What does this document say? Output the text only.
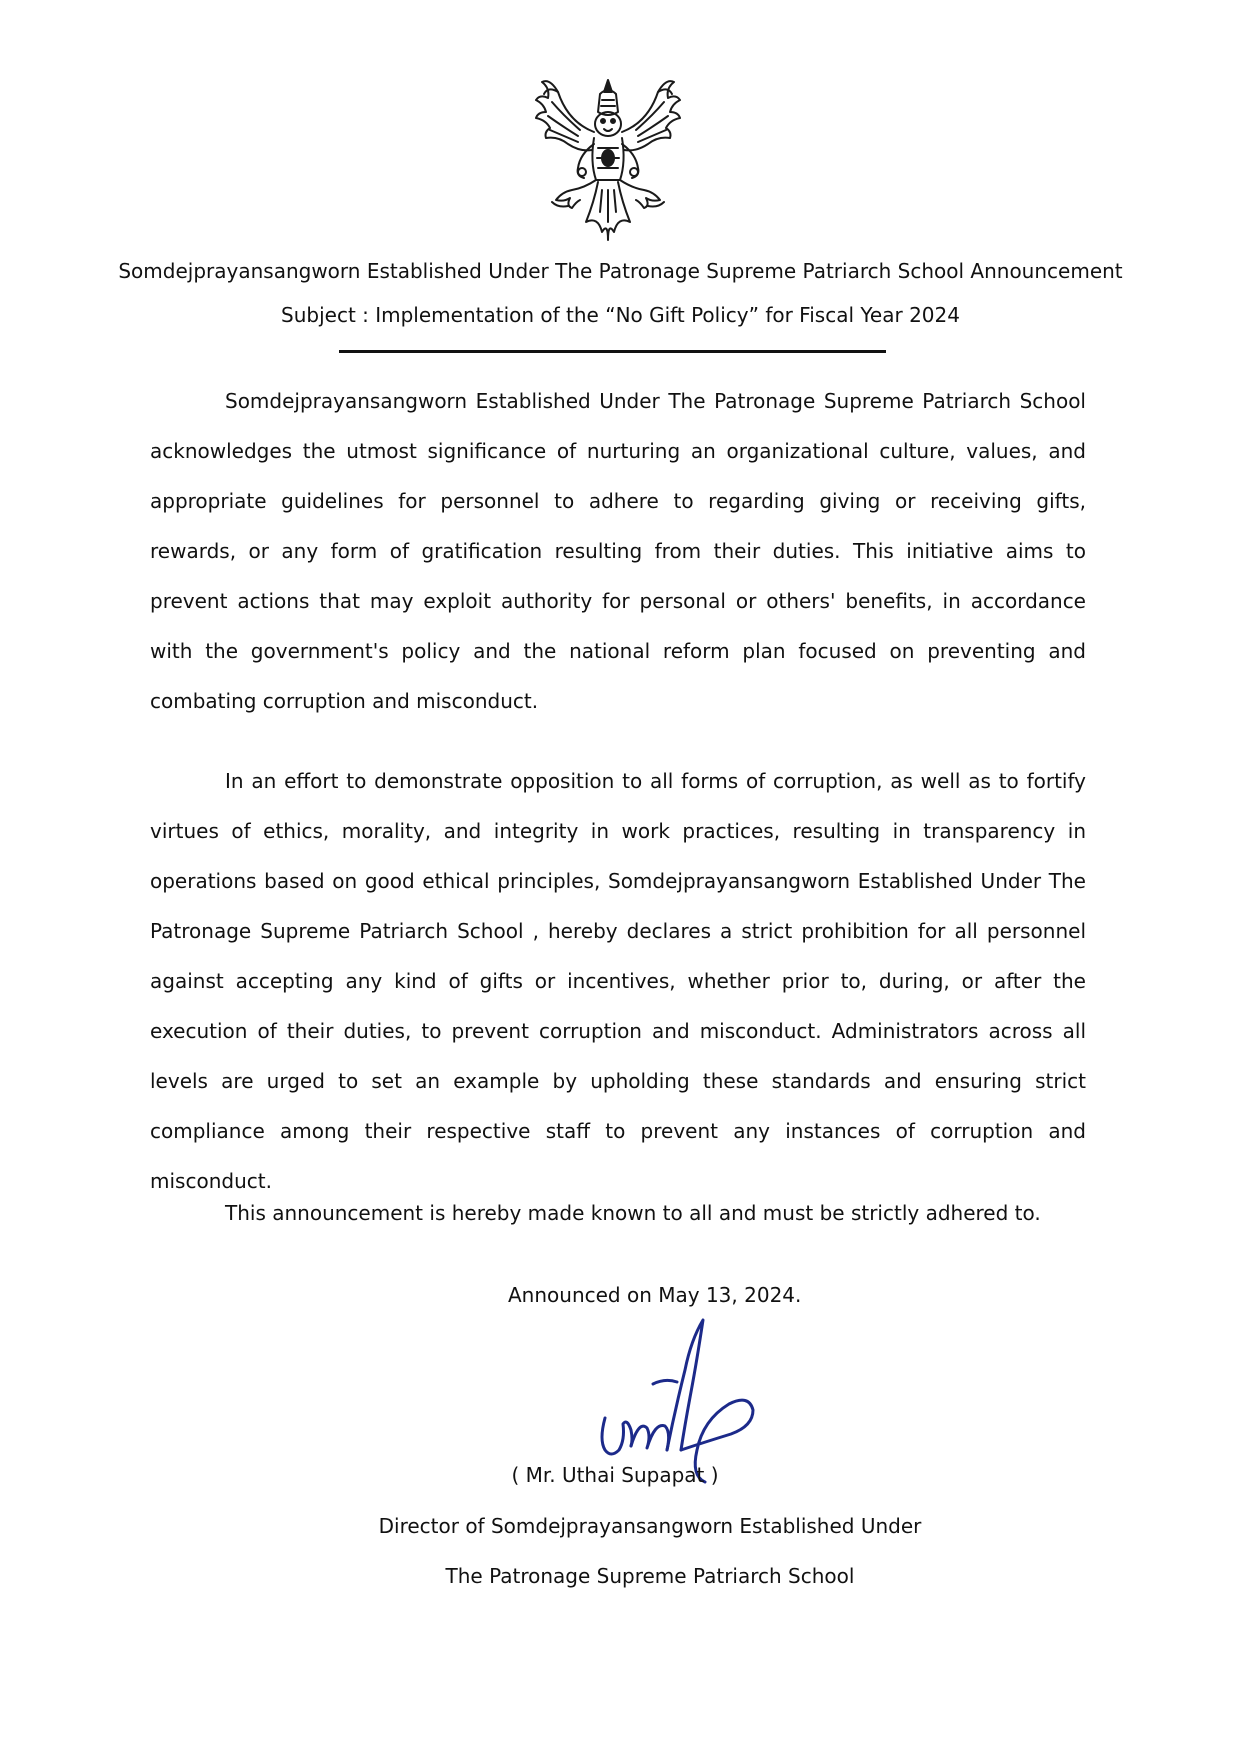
Somdejprayansangworn Established Under The Patronage Supreme Patriarch School Announcement
Subject : Implementation of the “No Gift Policy” for Fiscal Year 2024

Somdejprayansangworn Established Under The Patronage Supreme Patriarch School acknowledges the utmost significance of nurturing an organizational culture, values, and appropriate guidelines for personnel to adhere to regarding giving or receiving gifts, rewards, or any form of gratification resulting from their duties. This initiative aims to prevent actions that may exploit authority for personal or others' benefits, in accordance with the government's policy and the national reform plan focused on preventing and combating corruption and misconduct.

In an effort to demonstrate opposition to all forms of corruption, as well as to fortify virtues of ethics, morality, and integrity in work practices, resulting in transparency in operations based on good ethical principles, Somdejprayansangworn Established Under The Patronage Supreme Patriarch School , hereby declares a strict prohibition for all personnel against accepting any kind of gifts or incentives, whether prior to, during, or after the execution of their duties, to prevent corruption and misconduct. Administrators across all levels are urged to set an example by upholding these standards and ensuring strict compliance among their respective staff to prevent any instances of corruption and misconduct.

This announcement is hereby made known to all and must be strictly adhered to.
Announced on May 13, 2024.
( Mr. Uthai Supapat )
Director of Somdejprayansangworn Established Under
The Patronage Supreme Patriarch School
